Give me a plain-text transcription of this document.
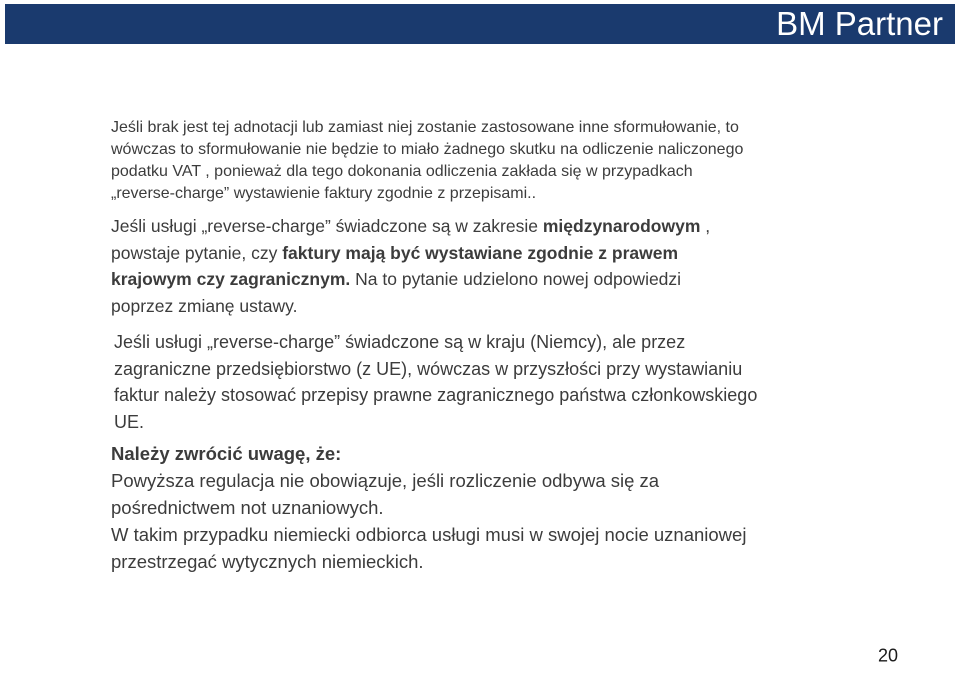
BM Partner
Jeśli brak jest tej adnotacji lub zamiast niej zostanie zastosowane inne sformułowanie, to
wówczas to sformułowanie nie będzie to miało żadnego skutku na odliczenie naliczonego
podatku VAT , ponieważ dla tego dokonania odliczenia zakłada się w przypadkach
„reverse-charge” wystawienie faktury zgodnie z przepisami..
Jeśli usługi „reverse-charge” świadczone są w zakresie międzynarodowym ,
powstaje pytanie, czy faktury mają być wystawiane zgodnie z prawem
krajowym czy zagranicznym. Na to pytanie udzielono nowej odpowiedzi
poprzez zmianę ustawy.
Jeśli usługi „reverse-charge” świadczone są w kraju (Niemcy), ale przez
zagraniczne przedsiębiorstwo (z UE), wówczas w przyszłości przy wystawianiu
faktur należy stosować przepisy prawne zagranicznego państwa członkowskiego
UE.
Należy zwrócić uwagę, że:
Powyższa regulacja nie obowiązuje, jeśli rozliczenie odbywa się za
pośrednictwem not uznaniowych.
W takim przypadku niemiecki odbiorca usługi musi w swojej nocie uznaniowej
przestrzegać wytycznych niemieckich.
20
